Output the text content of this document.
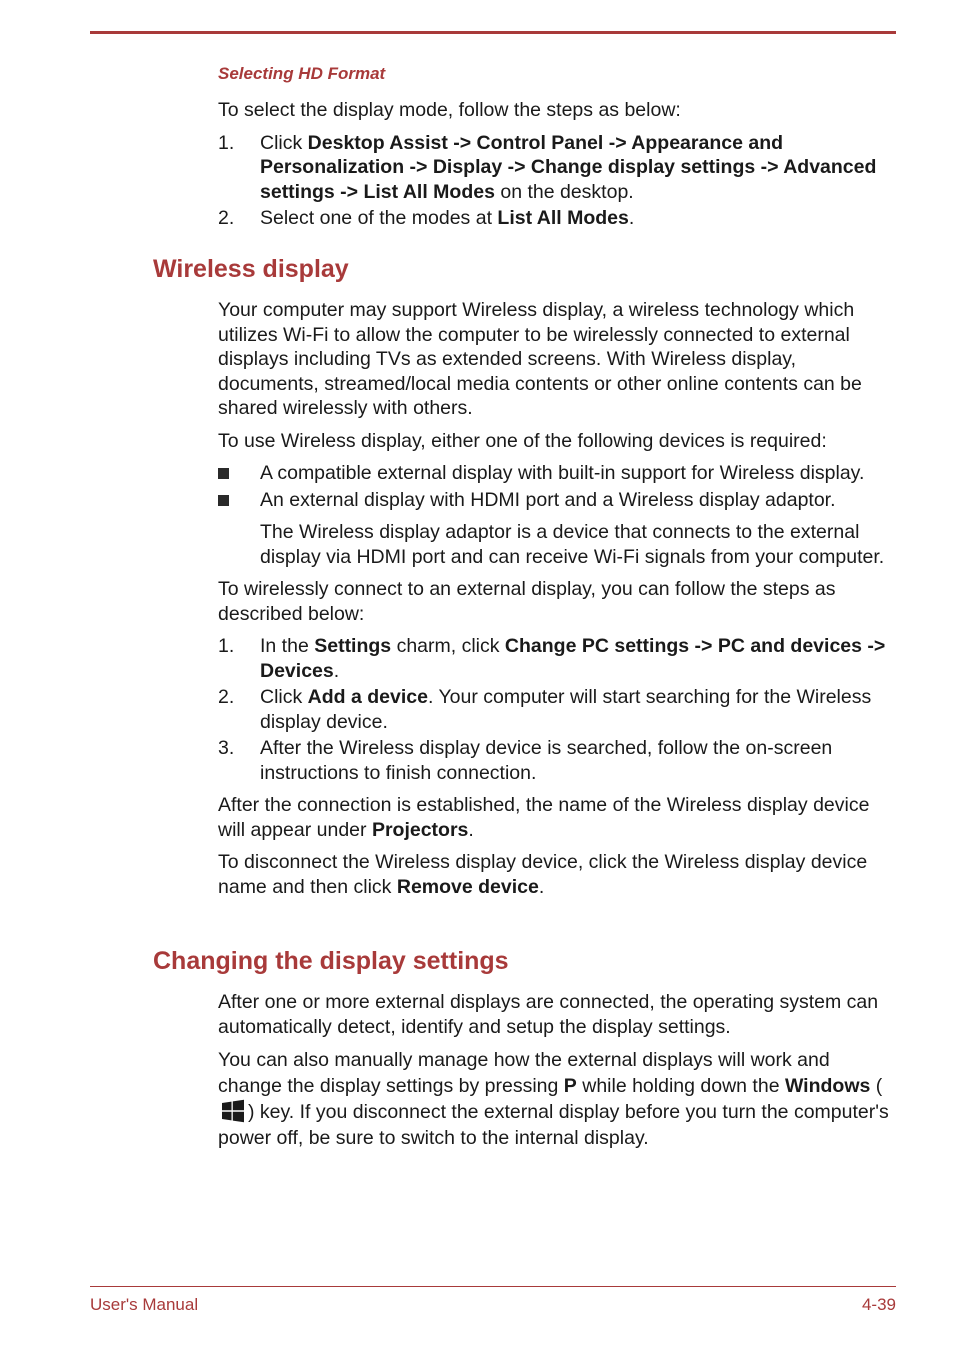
Selecting HD Format

To select the display mode, follow the steps as below:

1. Click Desktop Assist -> Control Panel -> Appearance and Personalization -> Display -> Change display settings -> Advanced settings -> List All Modes on the desktop.
2. Select one of the modes at List All Modes.
Wireless display

Your computer may support Wireless display, a wireless technology which utilizes Wi-Fi to allow the computer to be wirelessly connected to external displays including TVs as extended screens. With Wireless display, documents, streamed/local media contents or other online contents can be shared wirelessly with others.

To use Wireless display, either one of the following devices is required:

A compatible external display with built-in support for Wireless display.
An external display with HDMI port and a Wireless display adaptor.

The Wireless display adaptor is a device that connects to the external display via HDMI port and can receive Wi-Fi signals from your computer.

To wirelessly connect to an external display, you can follow the steps as described below:

1. In the Settings charm, click Change PC settings -> PC and devices -> Devices.
2. Click Add a device. Your computer will start searching for the Wireless display device.
3. After the Wireless display device is searched, follow the on-screen instructions to finish connection.

After the connection is established, the name of the Wireless display device will appear under Projectors.

To disconnect the Wireless display device, click the Wireless display device name and then click Remove device.

Changing the display settings

After one or more external displays are connected, the operating system can automatically detect, identify and setup the display settings.

You can also manually manage how the external displays will work and change the display settings by pressing P while holding down the Windows () key. If you disconnect the external display before you turn the computer's power off, be sure to switch to the internal display.

User's Manual	4-39
